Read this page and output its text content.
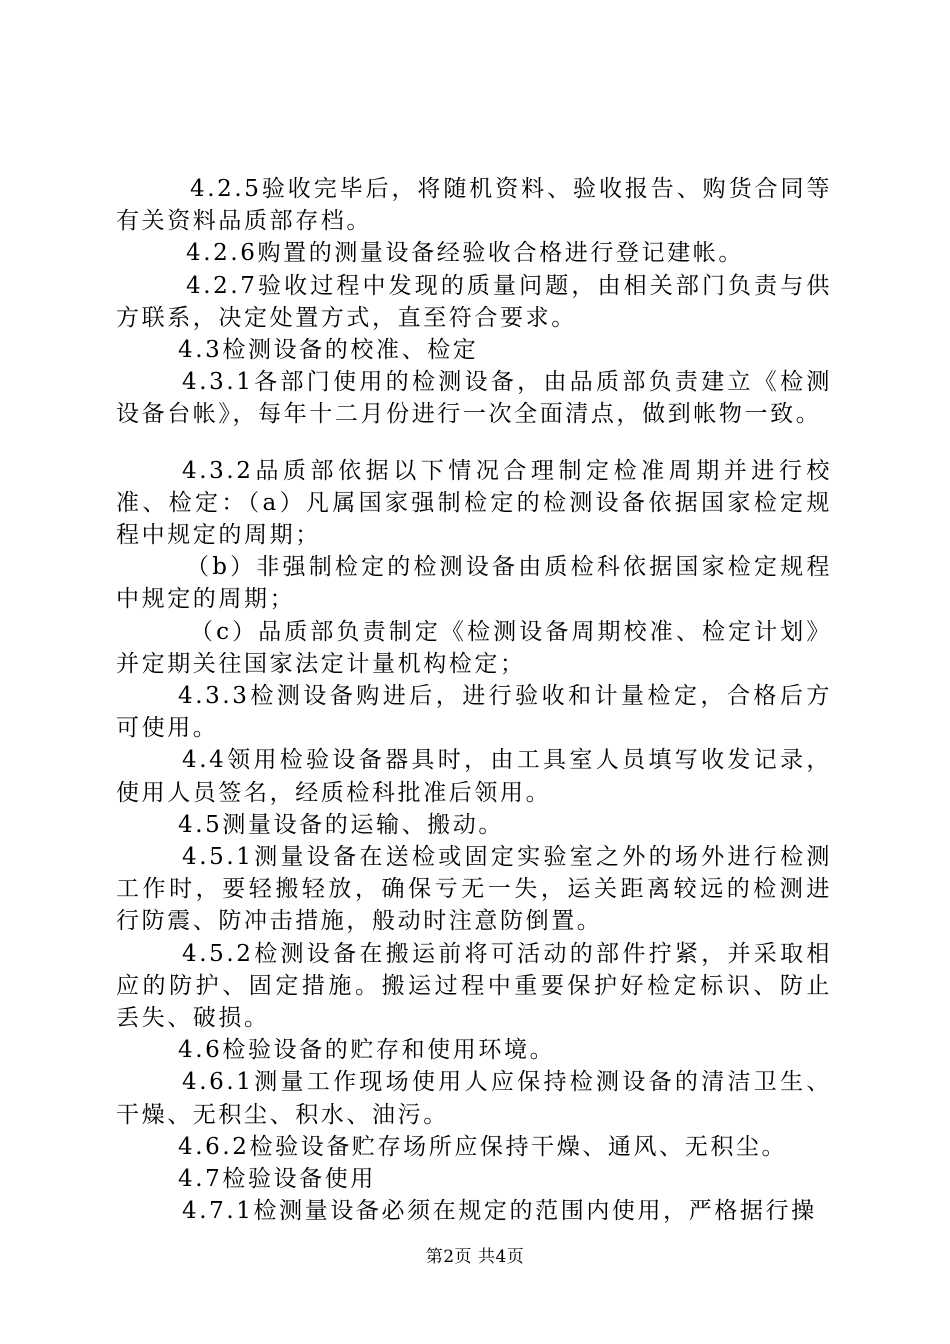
4.2.5验收完毕后，将随机资料、验收报告、购货合同等有关资料品质部存档。

4.2.6购置的测量设备经验收合格进行登记建帐。

4.2.7验收过程中发现的质量问题，由相关部门负责与供方联系，决定处置方式，直至符合要求。

4.3检测设备的校准、检定

4.3.1各部门使用的检测设备，由品质部负责建立《检测设备台帐》，每年十二月份进行一次全面清点，做到帐物一致。

4.3.2品质部依据以下情况合理制定检准周期并进行校准、检定：（a）凡属国家强制检定的检测设备依据国家检定规程中规定的周期；

（b）非强制检定的检测设备由质检科依据国家检定规程中规定的周期；

（c）品质部负责制定《检测设备周期校准、检定计划》并定期关往国家法定计量机构检定；

4.3.3检测设备购进后，进行验收和计量检定，合格后方可使用。

4.4领用检验设备器具时，由工具室人员填写收发记录，使用人员签名，经质检科批准后领用。

4.5测量设备的运输、搬动。

4.5.1测量设备在送检或固定实验室之外的场外进行检测工作时，要轻搬轻放，确保亏无一失，运关距离较远的检测进行防震、防冲击措施，般动时注意防倒置。

4.5.2检测设备在搬运前将可活动的部件拧紧，并采取相应的防护、固定措施。搬运过程中重要保护好检定标识、防止丢失、破损。

4.6检验设备的贮存和使用环境。

4.6.1测量工作现场使用人应保持检测设备的清洁卫生、干燥、无积尘、积水、油污。

4.6.2检验设备贮存场所应保持干燥、通风、无积尘。

4.7检验设备使用

4.7.1检测量设备必须在规定的范围内使用，严格据行操

第2页 共4页
